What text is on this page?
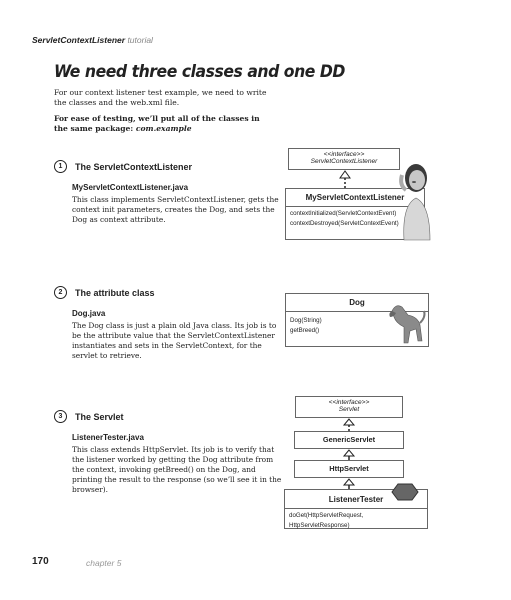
ServletContextListener tutorial
We need three classes and one DD
For our context listener test example, we need to write the classes and the web.xml file.
For ease of testing, we’ll put all of the classes in the same package: com.example
1	The ServletContextListener
MyServletContextListener.java
This class implements ServletContextListener, gets the context init parameters, creates the Dog, and sets the Dog as context attribute.
2	The attribute class
Dog.java
The Dog class is just a plain old Java class. Its job is to be the attribute value that the ServletContextListener instantiates and sets in the ServletContext, for the servlet to retrieve.
3	The Servlet
ListenerTester.java
This class extends HttpServlet. Its job is to verify that the listener worked by getting the Dog attribute from the context, invoking getBreed() on the Dog, and printing the result to the response (so we’ll see it in the browser).
<<interface>>
ServletContextListener
MyServletContextListener
contextInitialized(ServletContextEvent)
contextDestroyed(ServletContextEvent)
Dog
Dog(String)
getBreed()
<<interface>>
Servlet
GenericServlet
HttpServlet
ListenerTester
doGet(HttpServletRequest, HttpServletResponse)
170	chapter 5
